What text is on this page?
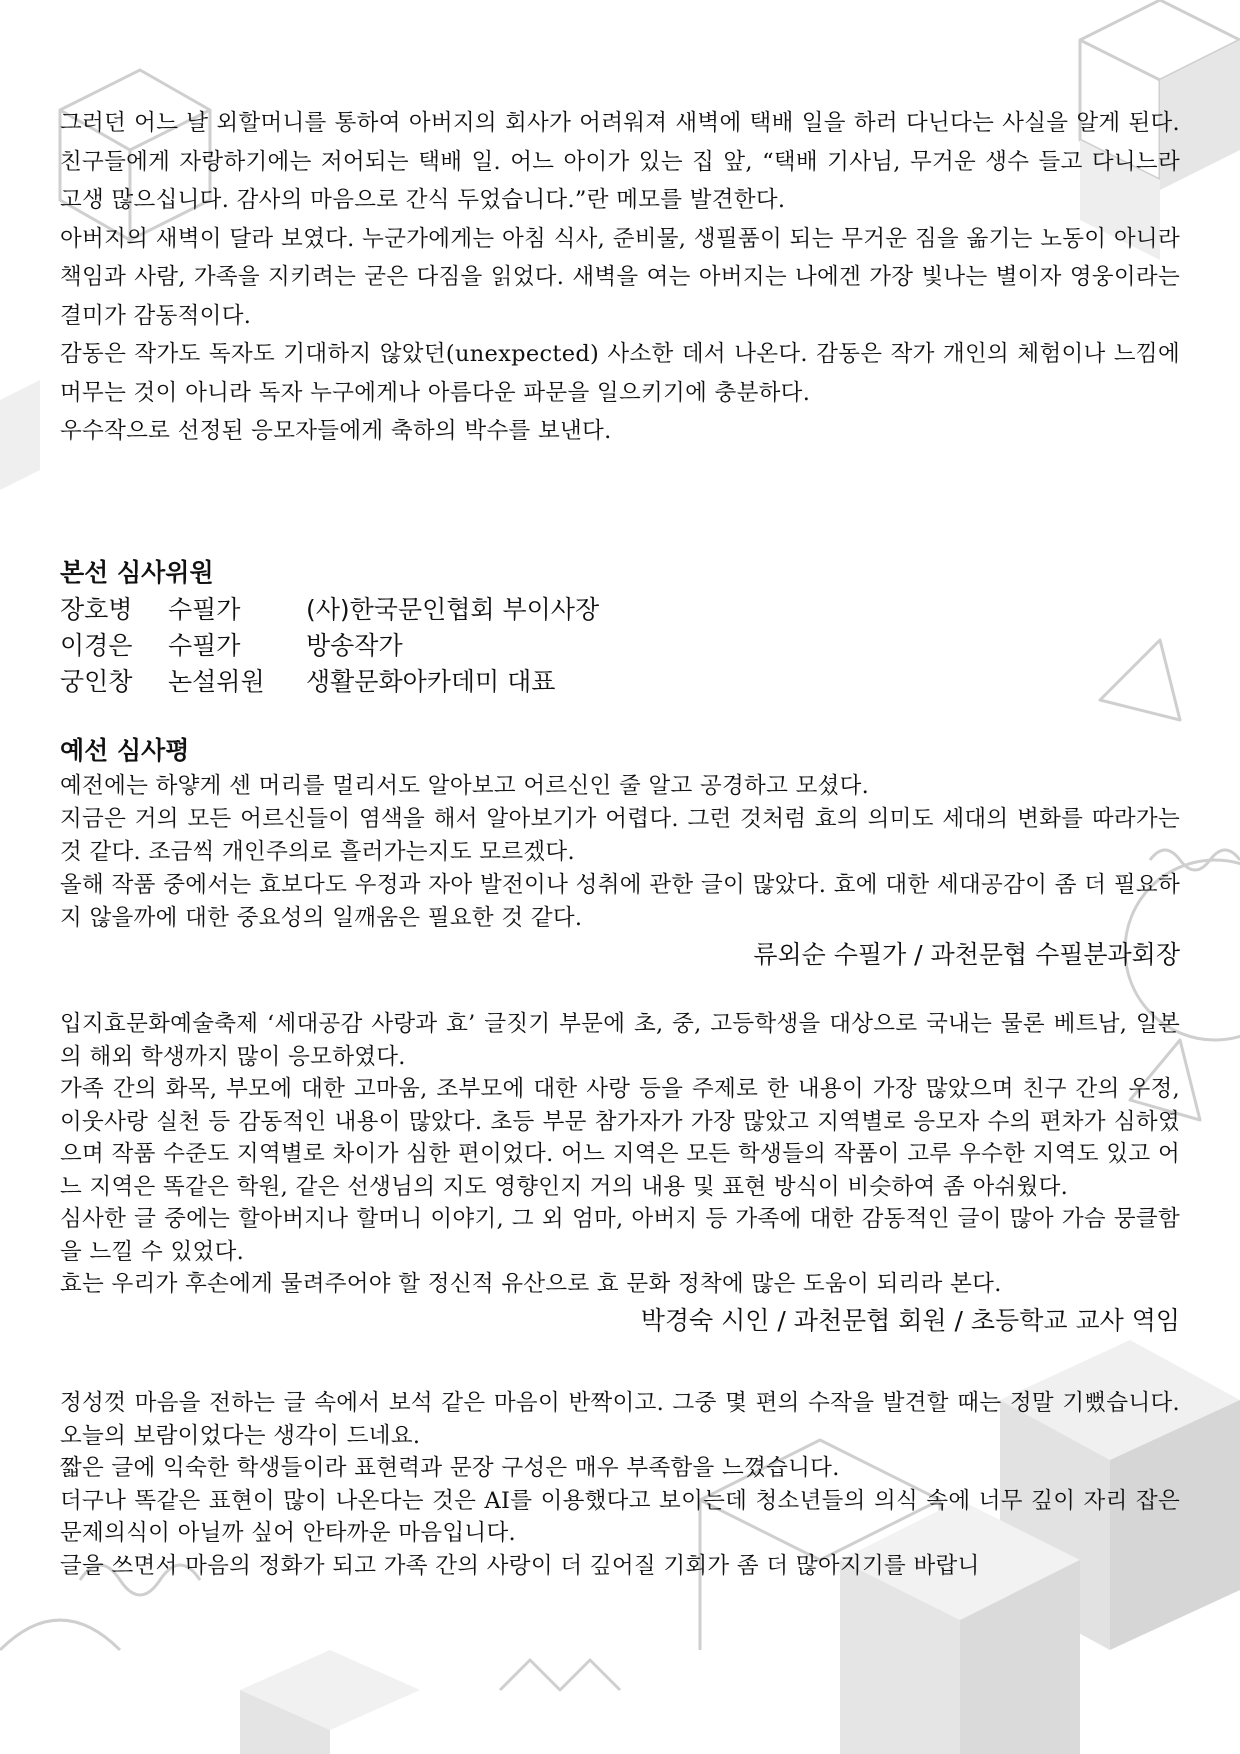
그러던 어느 날 외할머니를 통하여 아버지의 회사가 어려워져 새벽에 택배 일을 하러 다닌다는 사실을 알게 된다. 친구들에게 자랑하기에는 저어되는 택배 일. 어느 아이가 있는 집 앞, “택배 기사님, 무거운 생수 들고 다니느라 고생 많으십니다. 감사의 마음으로 간식 두었습니다.”란 메모를 발견한다.

아버지의 새벽이 달라 보였다. 누군가에게는 아침 식사, 준비물, 생필품이 되는 무거운 짐을 옮기는 노동이 아니라 책임과 사람, 가족을 지키려는 굳은 다짐을 읽었다. 새벽을 여는 아버지는 나에겐 가장 빛나는 별이자 영웅이라는 결미가 감동적이다.

감동은 작가도 독자도 기대하지 않았던(unexpected) 사소한 데서 나온다. 감동은 작가 개인의 체험이나 느낌에 머무는 것이 아니라 독자 누구에게나 아름다운 파문을 일으키기에 충분하다.

우수작으로 선정된 응모자들에게 축하의 박수를 보낸다.

본선 심사위원
장호병	수필가	(사)한국문인협회 부이사장
이경은	수필가	방송작가
궁인창	논설위원	생활문화아카데미 대표
예선 심사평

예전에는 하얗게 센 머리를 멀리서도 알아보고 어르신인 줄 알고 공경하고 모셨다.

지금은 거의 모든 어르신들이 염색을 해서 알아보기가 어렵다. 그런 것처럼 효의 의미도 세대의 변화를 따라가는 것 같다. 조금씩 개인주의로 흘러가는지도 모르겠다.

올해 작품 중에서는 효보다도 우정과 자아 발전이나 성취에 관한 글이 많았다. 효에 대한 세대공감이 좀 더 필요하지 않을까에 대한 중요성의 일깨움은 필요한 것 같다.

류외순 수필가 / 과천문협 수필분과회장

입지효문화예술축제 ‘세대공감 사랑과 효’ 글짓기 부문에 초, 중, 고등학생을 대상으로 국내는 물론 베트남, 일본의 해외 학생까지 많이 응모하였다.

가족 간의 화목, 부모에 대한 고마움, 조부모에 대한 사랑 등을 주제로 한 내용이 가장 많았으며 친구 간의 우정, 이웃사랑 실천 등 감동적인 내용이 많았다. 초등 부문 참가자가 가장 많았고 지역별로 응모자 수의 편차가 심하였으며 작품 수준도 지역별로 차이가 심한 편이었다. 어느 지역은 모든 학생들의 작품이 고루 우수한 지역도 있고 어느 지역은 똑같은 학원, 같은 선생님의 지도 영향인지 거의 내용 및 표현 방식이 비슷하여 좀 아쉬웠다.

심사한 글 중에는 할아버지나 할머니 이야기, 그 외 엄마, 아버지 등 가족에 대한 감동적인 글이 많아 가슴 뭉클함을 느낄 수 있었다.

효는 우리가 후손에게 물려주어야 할 정신적 유산으로 효 문화 정착에 많은 도움이 되리라 본다.

박경숙 시인 / 과천문협 회원 / 초등학교 교사 역임

정성껏 마음을 전하는 글 속에서 보석 같은 마음이 반짝이고. 그중 몇 편의 수작을 발견할 때는 정말 기뻤습니다. 오늘의 보람이었다는 생각이 드네요.

짧은 글에 익숙한 학생들이라 표현력과 문장 구성은 매우 부족함을 느꼈습니다.

더구나 똑같은 표현이 많이 나온다는 것은 AI를 이용했다고 보이는데 청소년들의 의식 속에 너무 깊이 자리 잡은 문제의식이 아닐까 싶어 안타까운 마음입니다.

글을 쓰면서 마음의 정화가 되고 가족 간의 사랑이 더 깊어질 기회가 좀 더 많아지기를 바랍니
